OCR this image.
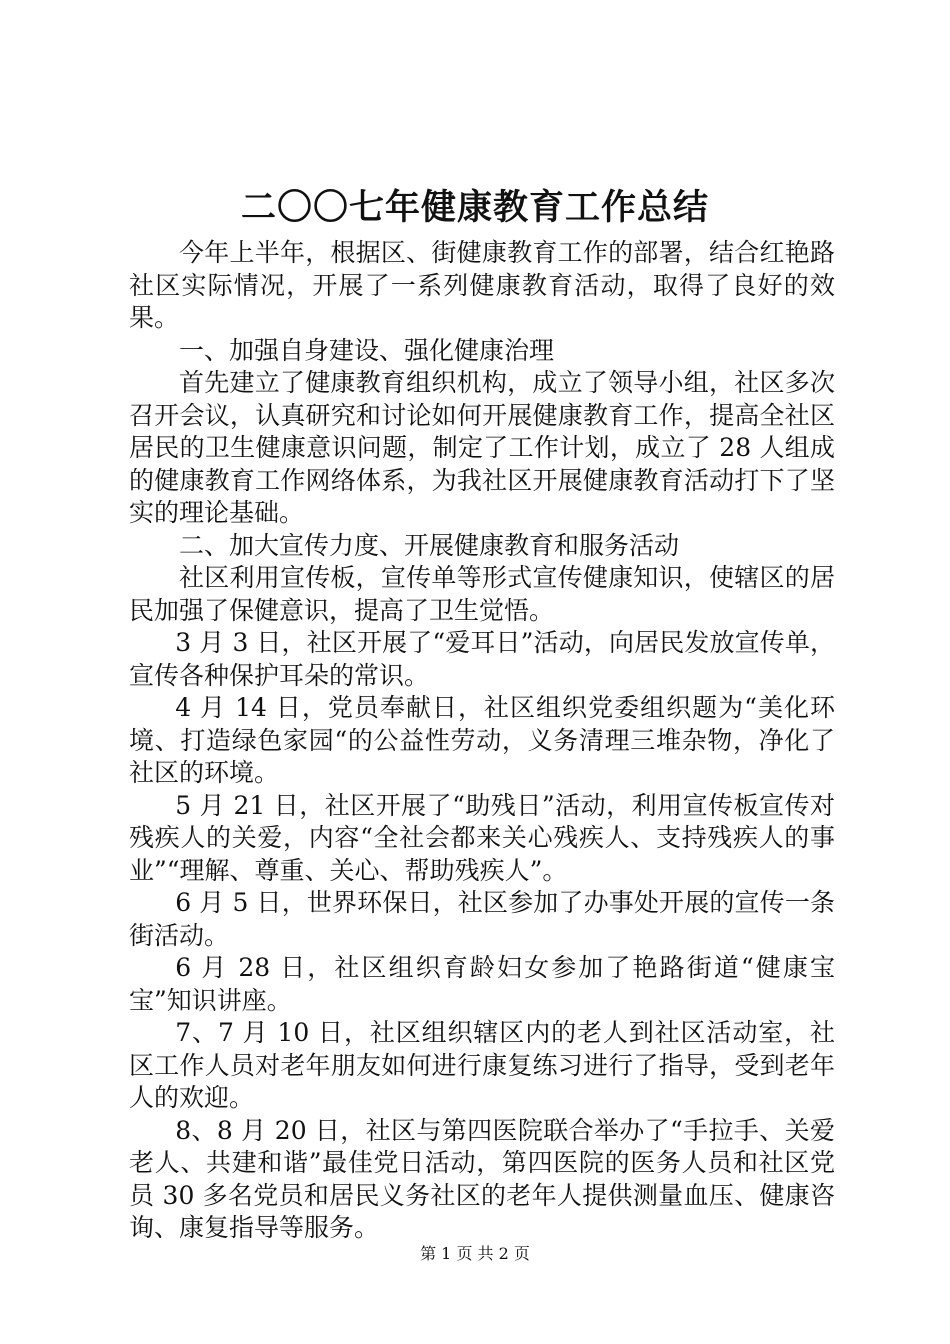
二〇〇七年健康教育工作总结

今年上半年，根据区、街健康教育工作的部署，结合红艳路社区实际情况，开展了一系列健康教育活动，取得了良好的效果。

一、加强自身建设、强化健康治理

首先建立了健康教育组织机构，成立了领导小组，社区多次召开会议，认真研究和讨论如何开展健康教育工作，提高全社区居民的卫生健康意识问题，制定了工作计划，成立了 28 人组成的健康教育工作网络体系，为我社区开展健康教育活动打下了坚实的理论基础。

二、加大宣传力度、开展健康教育和服务活动

社区利用宣传板，宣传单等形式宣传健康知识，使辖区的居民加强了保健意识，提高了卫生觉悟。

3 月 3 日，社区开展了“爱耳日”活动，向居民发放宣传单，宣传各种保护耳朵的常识。

4 月 14 日，党员奉献日，社区组织党委组织题为“美化环境、打造绿色家园“的公益性劳动，义务清理三堆杂物，净化了社区的环境。

5 月 21 日，社区开展了“助残日”活动，利用宣传板宣传对残疾人的关爱，内容“全社会都来关心残疾人、支持残疾人的事业”“理解、尊重、关心、帮助残疾人”。

6 月 5 日，世界环保日，社区参加了办事处开展的宣传一条街活动。

6 月 28 日，社区组织育龄妇女参加了艳路街道“健康宝宝”知识讲座。

7、7 月 10 日，社区组织辖区内的老人到社区活动室，社区工作人员对老年朋友如何进行康复练习进行了指导，受到老年人的欢迎。

8、8 月 20 日，社区与第四医院联合举办了“手拉手、关爱老人、共建和谐”最佳党日活动，第四医院的医务人员和社区党员 30 多名党员和居民义务社区的老年人提供测量血压、健康咨询、康复指导等服务。

第 1 页 共 2 页
